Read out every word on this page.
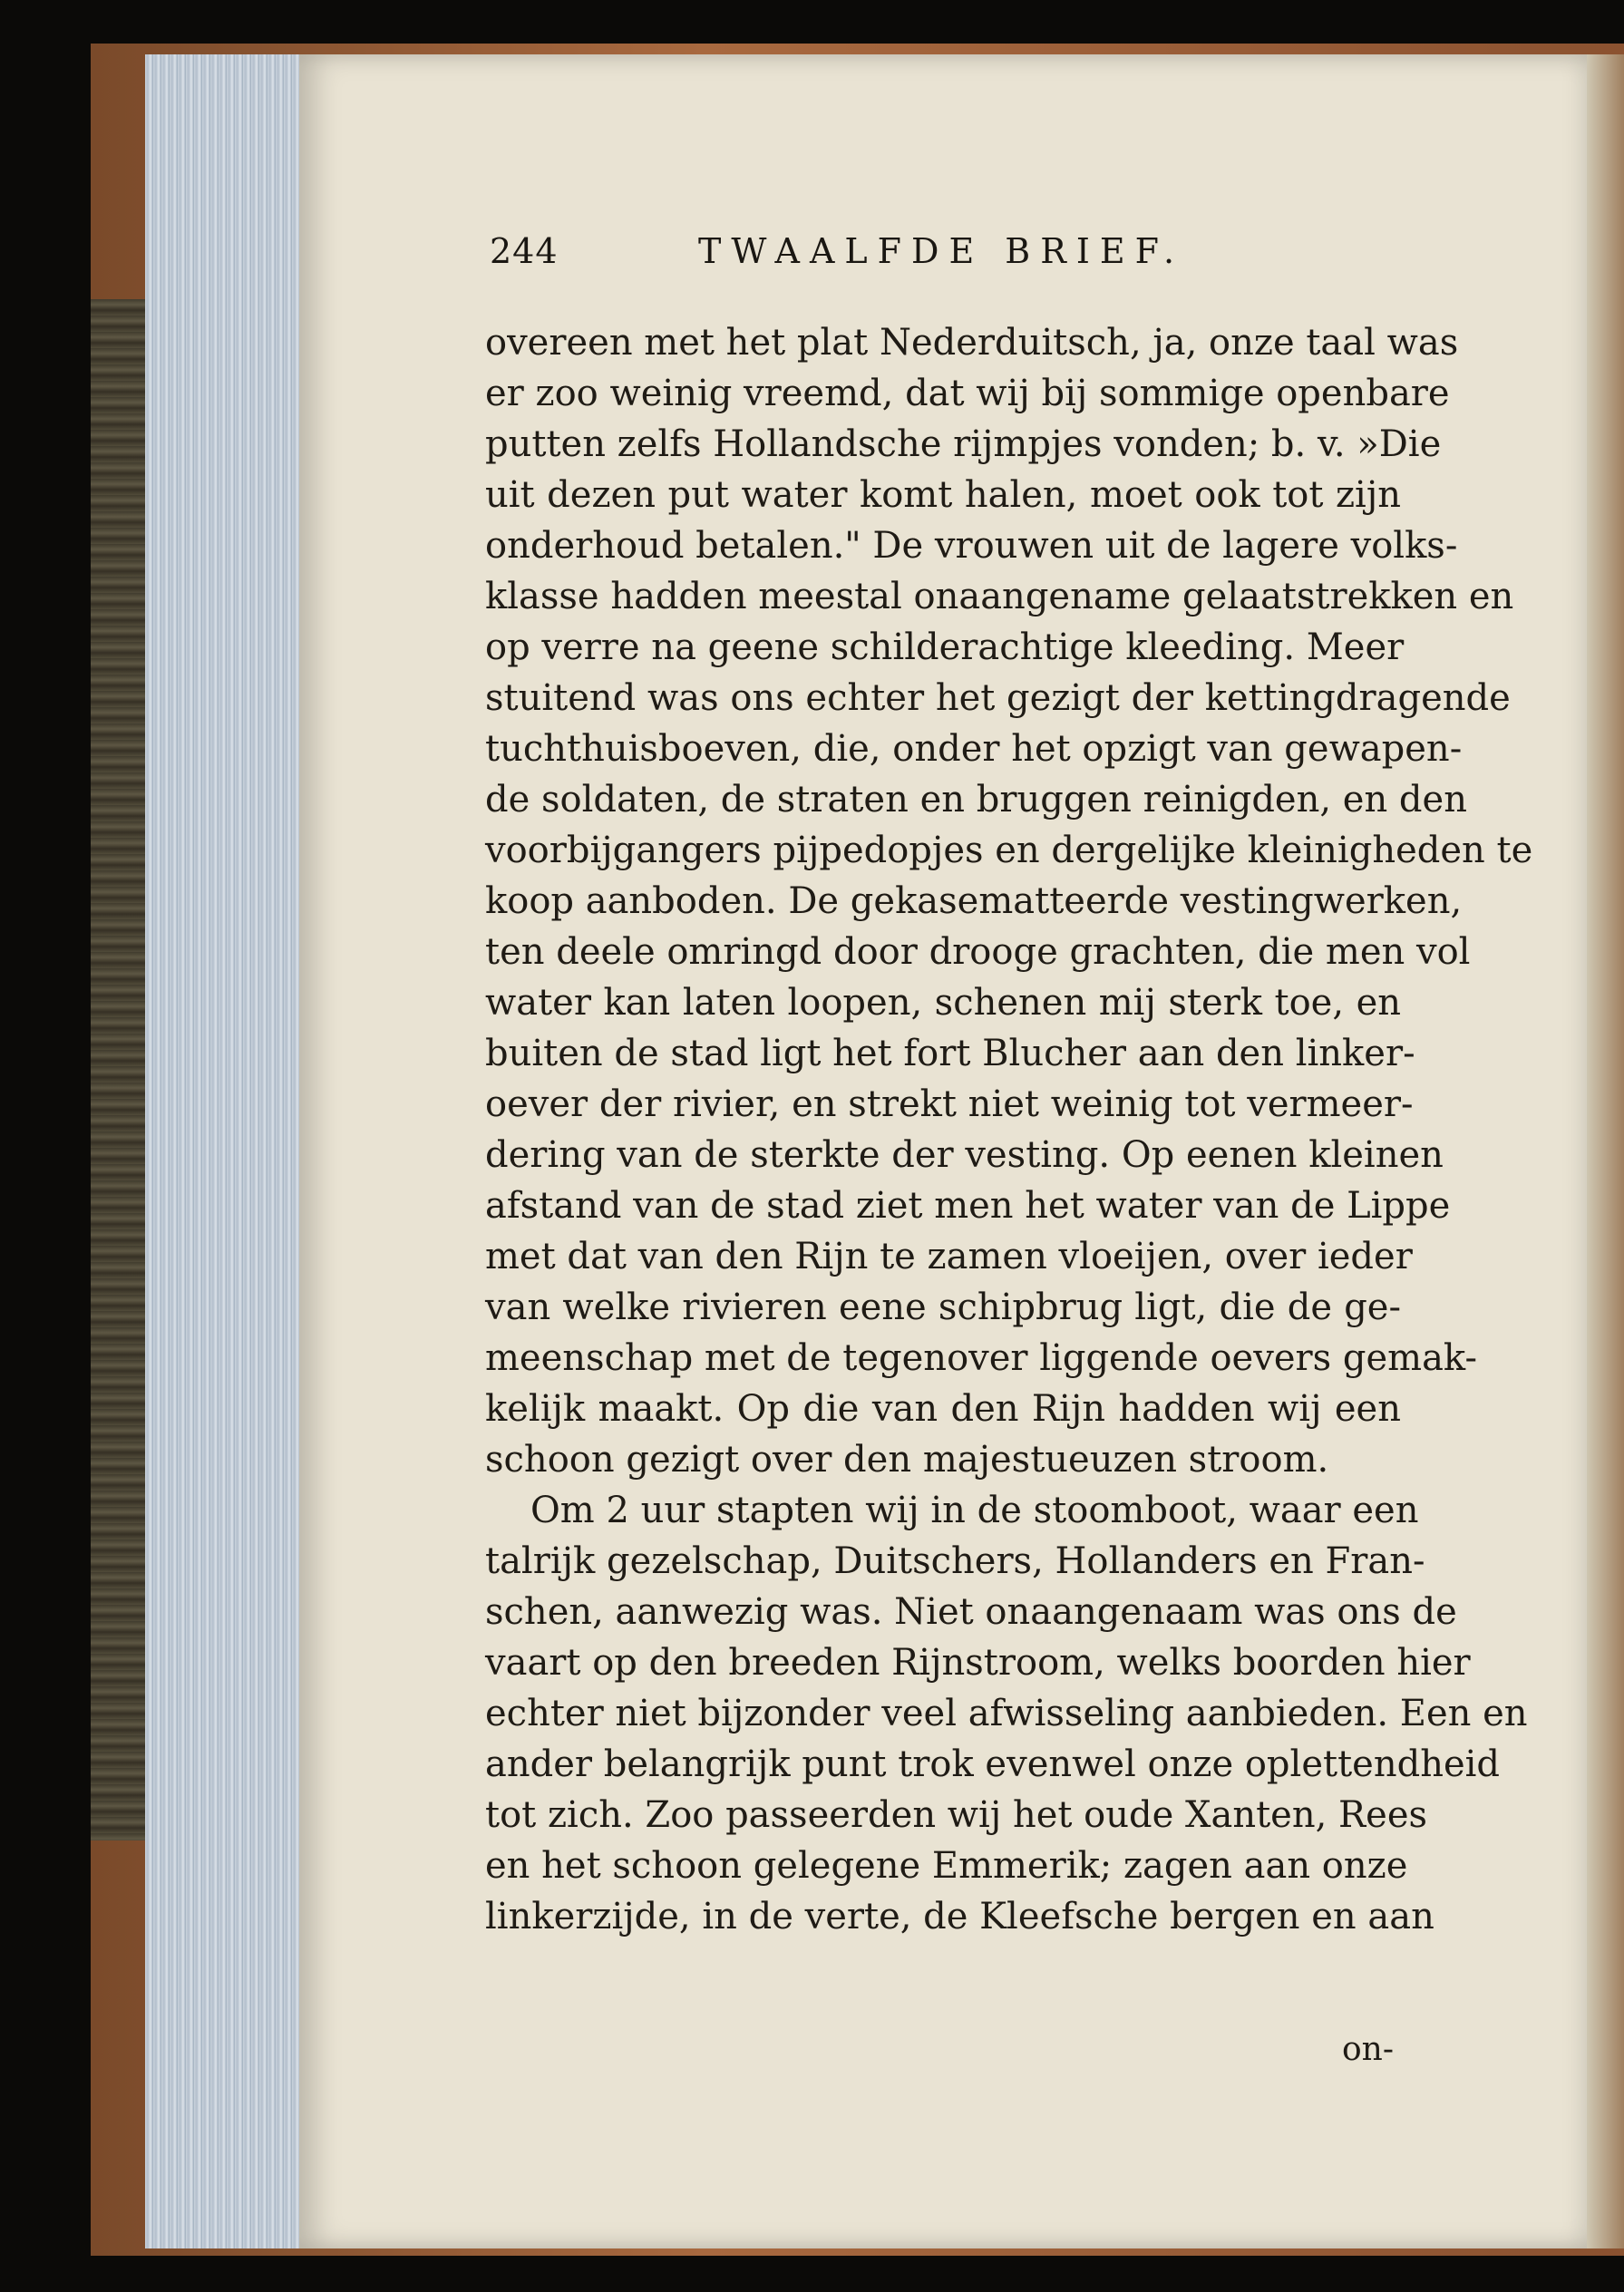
244	TWAALFDE BRIEF.
overeen met het plat Nederduitsch, ja, onze taal was
er zoo weinig vreemd, dat wij bij sommige openbare
putten zelfs Hollandsche rijmpjes vonden; b. v. »Die
uit dezen put water komt halen, moet ook tot zijn
onderhoud betalen." De vrouwen uit de lagere volks-
klasse hadden meestal onaangename gelaatstrekken en
op verre na geene schilderachtige kleeding. Meer
stuitend was ons echter het gezigt der kettingdragende
tuchthuisboeven, die, onder het opzigt van gewapen-
de soldaten, de straten en bruggen reinigden, en den
voorbijgangers pijpedopjes en dergelijke kleinigheden te
koop aanboden. De gekasematteerde vestingwerken,
ten deele omringd door drooge grachten, die men vol
water kan laten loopen, schenen mij sterk toe, en
buiten de stad ligt het fort Blucher aan den linker-
oever der rivier, en strekt niet weinig tot vermeer-
dering van de sterkte der vesting. Op eenen kleinen
afstand van de stad ziet men het water van de Lippe
met dat van den Rijn te zamen vloeijen, over ieder
van welke rivieren eene schipbrug ligt, die de ge-
meenschap met de tegenover liggende oevers gemak-
kelijk maakt. Op die van den Rijn hadden wij een
schoon gezigt over den majestueuzen stroom.
Om 2 uur stapten wij in de stoomboot, waar een
talrijk gezelschap, Duitschers, Hollanders en Fran-
schen, aanwezig was. Niet onaangenaam was ons de
vaart op den breeden Rijnstroom, welks boorden hier
echter niet bijzonder veel afwisseling aanbieden. Een en
ander belangrijk punt trok evenwel onze oplettendheid
tot zich. Zoo passeerden wij het oude Xanten, Rees
en het schoon gelegene Emmerik; zagen aan onze
linkerzijde, in de verte, de Kleefsche bergen en aan
on-
